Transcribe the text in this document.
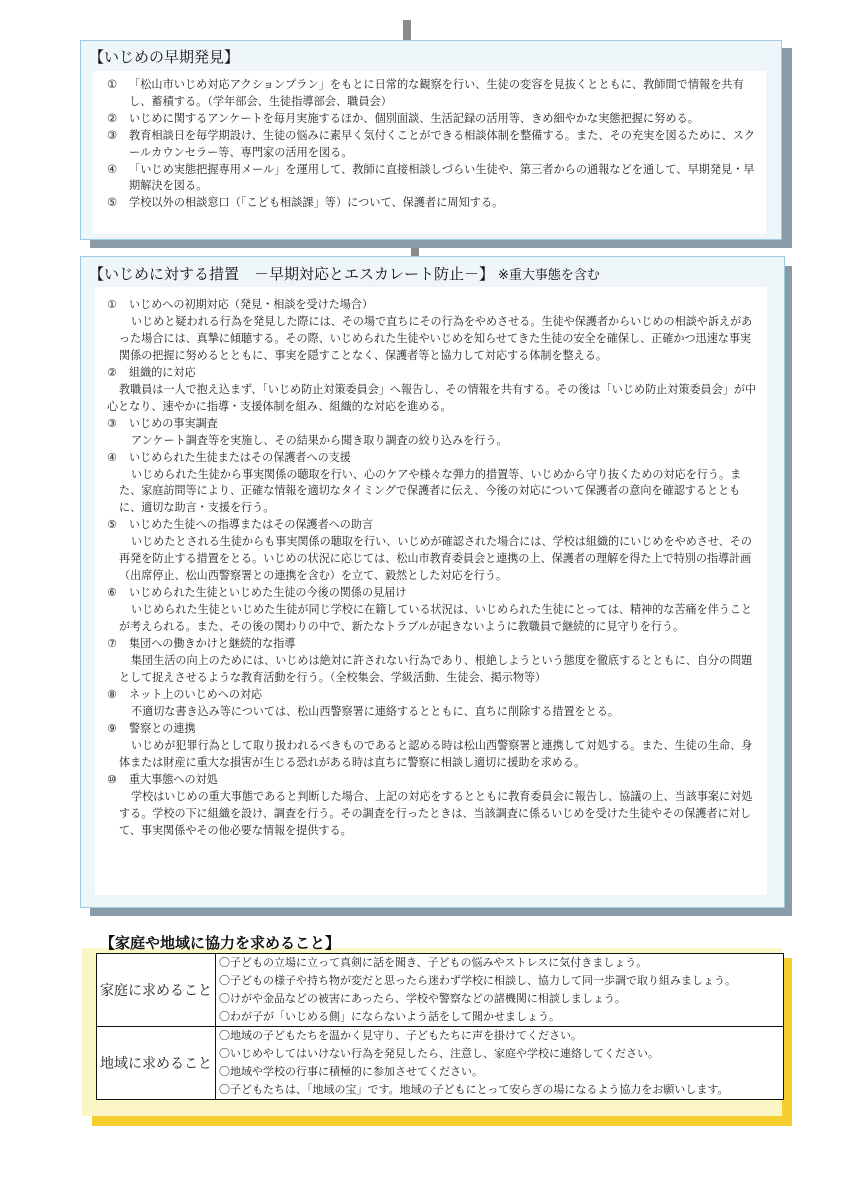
【いじめの早期発見】
①	「松山市いじめ対応アクションプラン」をもとに日常的な観察を行い、生徒の変容を見抜くとともに、教師間で情報を共有し、蓄積する。（学年部会、生徒指導部会、職員会）
②	いじめに関するアンケートを毎月実施するほか、個別面談、生活記録の活用等、きめ細やかな実態把握に努める。
③	教育相談日を毎学期設け、生徒の悩みに素早く気付くことができる相談体制を整備する。また、その充実を図るために、スクールカウンセラー等、専門家の活用を図る。
④	「いじめ実態把握専用メール」を運用して、教師に直接相談しづらい生徒や、第三者からの通報などを通して、早期発見・早期解決を図る。
⑤	学校以外の相談窓口（「こども相談課」等）について、保護者に周知する。
【いじめに対する措置　－早期対応とエスカレート防止－】 ※重大事態を含む
①	いじめへの初期対応（発見・相談を受けた場合）
いじめと疑われる行為を発見した際には、その場で直ちにその行為をやめさせる。生徒や保護者からいじめの相談や訴えがあった場合には、真摯に傾聴する。その際、いじめられた生徒やいじめを知らせてきた生徒の安全を確保し、正確かつ迅速な事実関係の把握に努めるとともに、事実を隠すことなく、保護者等と協力して対応する体制を整える。
②	組織的に対応
教職員は一人で抱え込まず、「いじめ防止対策委員会」へ報告し、その情報を共有する。その後は「いじめ防止対策委員会」が中心となり、速やかに指導・支援体制を組み、組織的な対応を進める。
③	いじめの事実調査
アンケート調査等を実施し、その結果から聞き取り調査の絞り込みを行う。
④	いじめられた生徒またはその保護者への支援
いじめられた生徒から事実関係の聴取を行い、心のケアや様々な弾力的措置等、いじめから守り抜くための対応を行う。また、家庭訪問等により、正確な情報を適切なタイミングで保護者に伝え、今後の対応について保護者の意向を確認するとともに、適切な助言・支援を行う。
⑤	いじめた生徒への指導またはその保護者への助言
いじめたとされる生徒からも事実関係の聴取を行い、いじめが確認された場合には、学校は組織的にいじめをやめさせ、その再発を防止する措置をとる。いじめの状況に応じては、松山市教育委員会と連携の上、保護者の理解を得た上で特別の指導計画（出席停止、松山西警察署との連携を含む）を立て、毅然とした対応を行う。
⑥	いじめられた生徒といじめた生徒の今後の関係の見届け
いじめられた生徒といじめた生徒が同じ学校に在籍している状況は、いじめられた生徒にとっては、精神的な苦痛を伴うことが考えられる。また、その後の関わりの中で、新たなトラブルが起きないように教職員で継続的に見守りを行う。
⑦	集団への働きかけと継続的な指導
集団生活の向上のためには、いじめは絶対に許されない行為であり、根絶しようという態度を徹底するとともに、自分の問題として捉えさせるような教育活動を行う。（全校集会、学級活動、生徒会、掲示物等）
⑧	ネット上のいじめへの対応
不適切な書き込み等については、松山西警察署に連絡するとともに、直ちに削除する措置をとる。
⑨	警察との連携
いじめが犯罪行為として取り扱われるべきものであると認める時は松山西警察署と連携して対処する。また、生徒の生命、身体または財産に重大な損害が生じる恐れがある時は直ちに警察に相談し適切に援助を求める。
⑩	重大事態への対処
学校はいじめの重大事態であると判断した場合、上記の対応をするとともに教育委員会に報告し、協議の上、当該事案に対処する。学校の下に組織を設け、調査を行う。その調査を行ったときは、当該調査に係るいじめを受けた生徒やその保護者に対して、事実関係やその他必要な情報を提供する。
【家庭や地域に協力を求めること】
家庭に求めること	〇子どもの立場に立って真剣に話を聞き、子どもの悩みやストレスに気付きましょう。
〇子どもの様子や持ち物が変だと思ったら迷わず学校に相談し、協力して同一歩調で取り組みましょう。
〇けがや金品などの被害にあったら、学校や警察などの諸機関に相談しましょう。
〇わが子が「いじめる側」にならないよう話をして聞かせましょう。

地域に求めること	〇地域の子どもたちを温かく見守り、子どもたちに声を掛けてください。
〇いじめやしてはいけない行為を発見したら、注意し、家庭や学校に連絡してください。
〇地域や学校の行事に積極的に参加させてください。
〇子どもたちは、「地域の宝」です。地域の子どもにとって安らぎの場になるよう協力をお願いします。
